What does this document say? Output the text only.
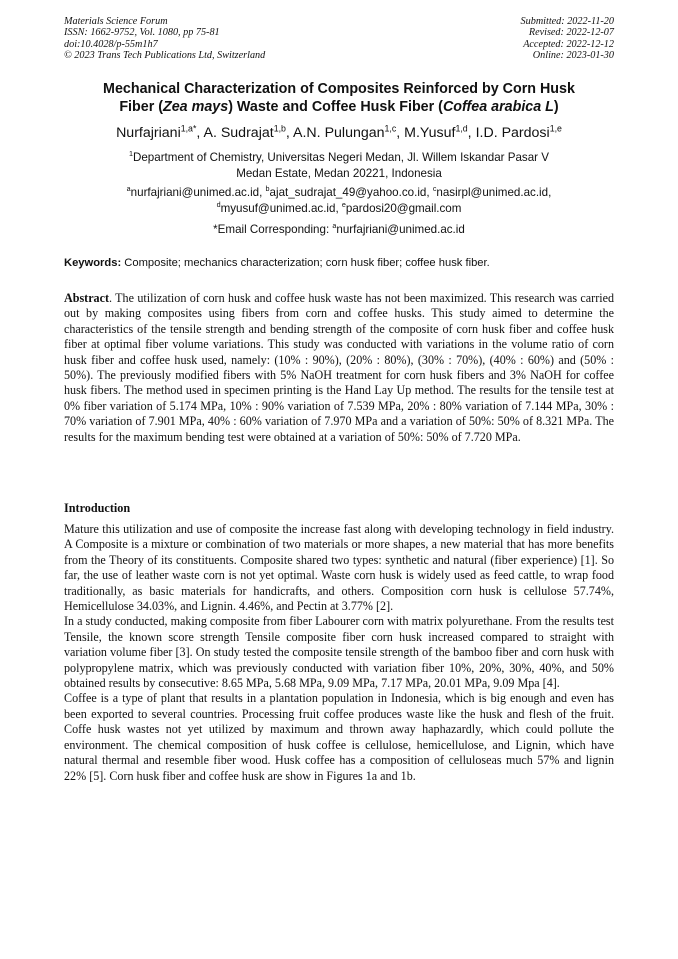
Materials Science Forum
ISSN: 1662-9752, Vol. 1080, pp 75-81
doi:10.4028/p-55m1h7
© 2023 Trans Tech Publications Ltd, Switzerland
Submitted: 2022-11-20
Revised: 2022-12-07
Accepted: 2022-12-12
Online: 2023-01-30
Mechanical Characterization of Composites Reinforced by Corn Husk
Fiber (Zea mays) Waste and Coffee Husk Fiber (Coffea arabica L)
Nurfajriani$^{1,a*}$, A. Sudrajat$^{1,b}$, A.N. Pulungan$^{1,c}$, M.Yusuf$^{1,d}$, I.D. Pardosi$^{1,e}$
$^1$Department of Chemistry, Universitas Negeri Medan, Jl. Willem Iskandar Pasar V
Medan Estate, Medan 20221, Indonesia
$^a$nurfajriani@unimed.ac.id, $^b$ajat_sudrajat_49@yahoo.co.id, $^c$nasirpl@unimed.ac.id,
$^d$myusuf@unimed.ac.id, $^e$pardosi20@gmail.com
*Email Corresponding: $^a$nurfajriani@unimed.ac.id
Keywords: Composite; mechanics characterization; corn husk fiber; coffee husk fiber.
Abstract. The utilization of corn husk and coffee husk waste has not been maximized. This research was carried out by making composites using fibers from corn and coffee husks. This study aimed to determine the characteristics of the tensile strength and bending strength of the composite of corn husk fiber and coffee husk fiber at optimal fiber volume variations. This study was conducted with variations in the volume ratio of corn husk fiber and coffee husk used, namely: (10% : 90%), (20% : 80%), (30% : 70%), (40% : 60%) and (50% : 50%). The previously modified fibers with 5% NaOH treatment for corn husk fibers and 3% NaOH for coffee husk fibers. The method used in specimen printing is the Hand Lay Up method. The results for the tensile test at 0% fiber variation of 5.174 MPa, 10% : 90% variation of 7.539 MPa, 20% : 80% variation of 7.144 MPa, 30% : 70% variation of 7.901 MPa, 40% : 60% variation of 7.970 MPa and a variation of 50%: 50% of 8.321 MPa. The results for the maximum bending test were obtained at a variation of 50%: 50% of 7.720 MPa.
Introduction

Mature this utilization and use of composite the increase fast along with developing technology in field industry. A Composite is a mixture or combination of two materials or more shapes, a new material that has more benefits from the Theory of its constituents. Composite shared two types: synthetic and natural (fiber experience) [1]. So far, the use of leather waste corn is not yet optimal. Waste corn husk is widely used as feed cattle, to wrap food traditionally, as basic materials for handicrafts, and others. Composition corn husk is cellulose 57.74%, Hemicellulose 34.03%, and Lignin. 4.46%, and Pectin at 3.77% [2].

In a study conducted, making composite from fiber Labourer corn with matrix polyurethane. From the results test Tensile, the known score strength Tensile composite fiber corn husk increased compared to straight with variation volume fiber [3]. On study tested the composite tensile strength of the bamboo fiber and corn husk with polypropylene matrix, which was previously conducted with variation fiber 10%, 20%, 30%, 40%, and 50% obtained results by consecutive: 8.65 MPa, 5.68 MPa, 9.09 MPa, 7.17 MPa, 20.01 MPa, 9.09 Mpa [4].

Coffee is a type of plant that results in a plantation population in Indonesia, which is big enough and even has been exported to several countries. Processing fruit coffee produces waste like the husk and flesh of the fruit. Coffe husk wastes not yet utilized by maximum and thrown away haphazardly, which could pollute the environment. The chemical composition of husk coffee is cellulose, hemicellulose, and Lignin, which have natural thermal and resemble fiber wood. Husk coffee has a composition of celluloseas much 57% and lignin 22% [5]. Corn husk fiber and coffee husk are show in Figures 1a and 1b.
